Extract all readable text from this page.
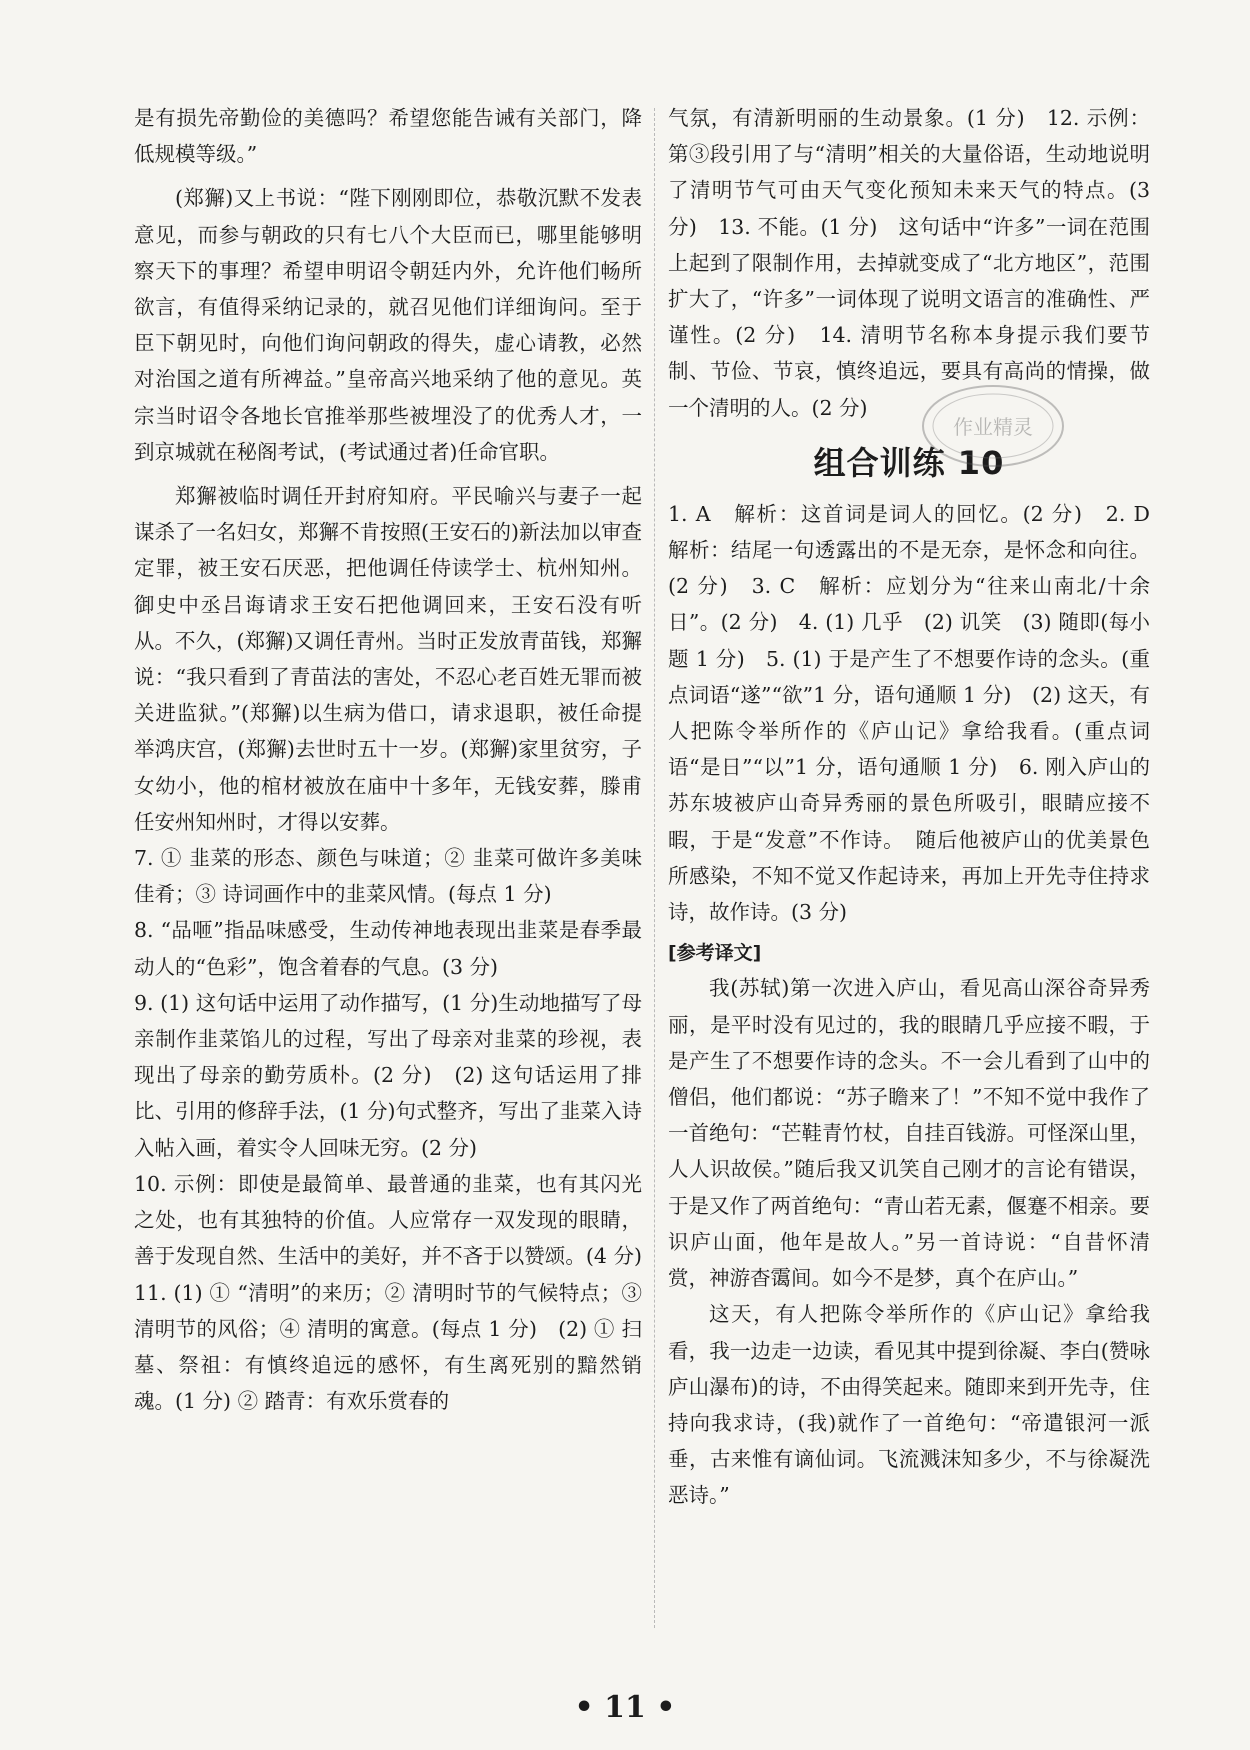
是有损先帝勤俭的美德吗？希望您能告诫有关部门，降低规模等级。”

(郑獬)又上书说：“陛下刚刚即位，恭敬沉默不发表意见，而参与朝政的只有七八个大臣而已，哪里能够明察天下的事理？希望申明诏令朝廷内外，允许他们畅所欲言，有值得采纳记录的，就召见他们详细询问。至于臣下朝见时，向他们询问朝政的得失，虚心请教，必然对治国之道有所裨益。”皇帝高兴地采纳了他的意见。英宗当时诏令各地长官推举那些被埋没了的优秀人才，一到京城就在秘阁考试，(考试通过者)任命官职。

郑獬被临时调任开封府知府。平民喻兴与妻子一起谋杀了一名妇女，郑獬不肯按照(王安石的)新法加以审查定罪，被王安石厌恶，把他调任侍读学士、杭州知州。御史中丞吕诲请求王安石把他调回来，王安石没有听从。不久，(郑獬)又调任青州。当时正发放青苗钱，郑獬说：“我只看到了青苗法的害处，不忍心老百姓无罪而被关进监狱。”(郑獬)以生病为借口，请求退职，被任命提举鸿庆宫，(郑獬)去世时五十一岁。(郑獬)家里贫穷，子女幼小，他的棺材被放在庙中十多年，无钱安葬，滕甫任安州知州时，才得以安葬。

7. ① 韭菜的形态、颜色与味道；② 韭菜可做许多美味佳肴；③ 诗词画作中的韭菜风情。(每点 1 分)

8. “品咂”指品味感受，生动传神地表现出韭菜是春季最动人的“色彩”，饱含着春的气息。(3 分)

9. (1) 这句话中运用了动作描写，(1 分)生动地描写了母亲制作韭菜馅儿的过程，写出了母亲对韭菜的珍视，表现出了母亲的勤劳质朴。(2 分)　(2) 这句话运用了排比、引用的修辞手法，(1 分)句式整齐，写出了韭菜入诗入帖入画，着实令人回味无穷。(2 分)

10. 示例：即使是最简单、最普通的韭菜，也有其闪光之处，也有其独特的价值。人应常存一双发现的眼睛，善于发现自然、生活中的美好，并不吝于以赞颂。(4 分)　11. (1) ① “清明”的来历；② 清明时节的气候特点；③ 清明节的风俗；④ 清明的寓意。(每点 1 分)　(2) ① 扫墓、祭祖：有慎终追远的感怀，有生离死别的黯然销魂。(1 分) ② 踏青：有欢乐赏春的

气氛，有清新明丽的生动景象。(1 分)　12. 示例：第③段引用了与“清明”相关的大量俗语，生动地说明了清明节气可由天气变化预知未来天气的特点。(3 分)　13. 不能。(1 分)　这句话中“许多”一词在范围上起到了限制作用，去掉就变成了“北方地区”，范围扩大了，“许多”一词体现了说明文语言的准确性、严谨性。(2 分)　14. 清明节名称本身提示我们要节制、节俭、节哀，慎终追远，要具有高尚的情操，做一个清明的人。(2 分)

组合训练 10

1. A　解析：这首词是词人的回忆。(2 分)　2. D　解析：结尾一句透露出的不是无奈，是怀念和向往。(2 分)　3. C　解析：应划分为“往来山南北/十余日”。(2 分)　4. (1) 几乎　(2) 讥笑　(3) 随即(每小题 1 分)　5. (1) 于是产生了不想要作诗的念头。(重点词语“遂”“欲”1 分，语句通顺 1 分)　(2) 这天，有人把陈令举所作的《庐山记》拿给我看。(重点词语“是日”“以”1 分，语句通顺 1 分)　6. 刚入庐山的苏东坡被庐山奇异秀丽的景色所吸引，眼睛应接不暇，于是“发意”不作诗。　随后他被庐山的优美景色所感染，不知不觉又作起诗来，再加上开先寺住持求诗，故作诗。(3 分)

[参考译文]

我(苏轼)第一次进入庐山，看见高山深谷奇异秀丽，是平时没有见过的，我的眼睛几乎应接不暇，于是产生了不想要作诗的念头。不一会儿看到了山中的僧侣，他们都说：“苏子瞻来了！”不知不觉中我作了一首绝句：“芒鞋青竹杖，自挂百钱游。可怪深山里，人人识故侯。”随后我又讥笑自己刚才的言论有错误，于是又作了两首绝句：“青山若无素，偃蹇不相亲。要识庐山面，他年是故人。”另一首诗说：“自昔怀清赏，神游杳霭间。如今不是梦，真个在庐山。”

这天，有人把陈令举所作的《庐山记》拿给我看，我一边走一边读，看见其中提到徐凝、李白(赞咏庐山瀑布)的诗，不由得笑起来。随即来到开先寺，住持向我求诗，(我)就作了一首绝句：“帝遣银河一派垂，古来惟有谪仙词。飞流溅沫知多少，不与徐凝洗恶诗。”

作业精灵
• 11 •
